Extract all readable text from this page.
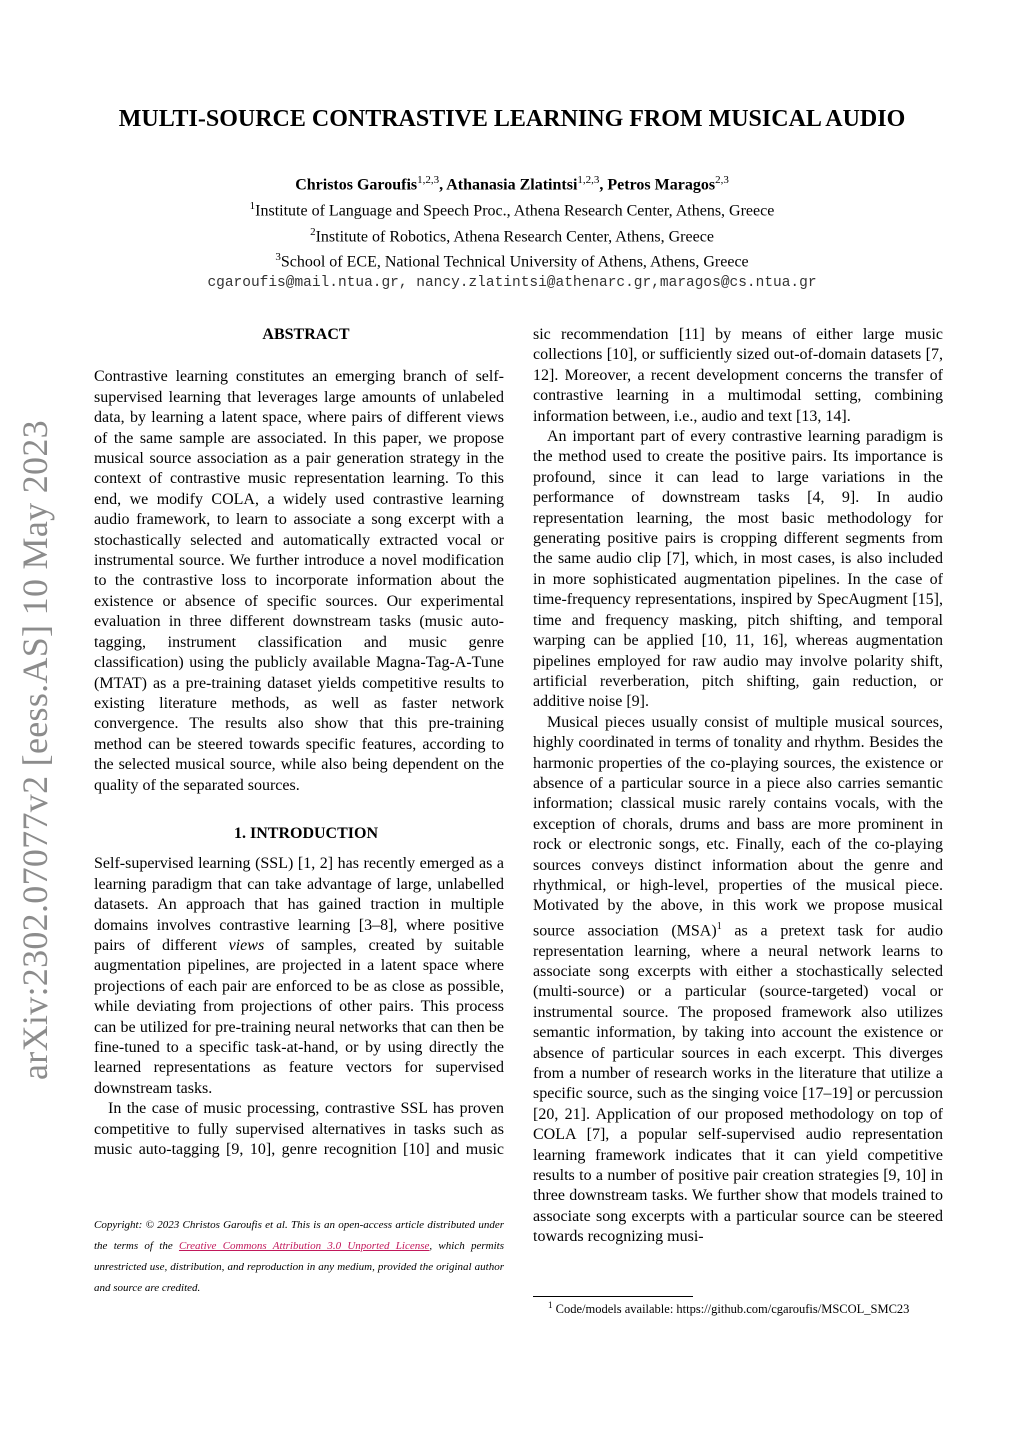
arXiv:2302.07077v2 [eess.AS] 10 May 2023
MULTI-SOURCE CONTRASTIVE LEARNING FROM MUSICAL AUDIO
Christos Garoufis$^{1,2,3}$, Athanasia Zlatintsi$^{1,2,3}$, Petros Maragos$^{2,3}$
$^1$Institute of Language and Speech Proc., Athena Research Center, Athens, Greece
$^2$Institute of Robotics, Athena Research Center, Athens, Greece
$^3$School of ECE, National Technical University of Athens, Athens, Greece
cgaroufis@mail.ntua.gr, nancy.zlatintsi@athenarc.gr,maragos@cs.ntua.gr

ABSTRACT

Contrastive learning constitutes an emerging branch of self-supervised learning that leverages large amounts of unlabeled data, by learning a latent space, where pairs of different views of the same sample are associated. In this paper, we propose musical source association as a pair generation strategy in the context of contrastive music representation learning. To this end, we modify COLA, a widely used contrastive learning audio framework, to learn to associate a song excerpt with a stochastically selected and automatically extracted vocal or instrumental source. We further introduce a novel modification to the contrastive loss to incorporate information about the existence or absence of specific sources. Our experimental evaluation in three different downstream tasks (music auto-tagging, instrument classification and music genre classification) using the publicly available Magna-Tag-A-Tune (MTAT) as a pre-training dataset yields competitive results to existing literature methods, as well as faster network convergence. The results also show that this pre-training method can be steered towards specific features, according to the selected musical source, while also being dependent on the quality of the separated sources.

1. INTRODUCTION

Self-supervised learning (SSL) [1, 2] has recently emerged as a learning paradigm that can take advantage of large, unlabelled datasets. An approach that has gained traction in multiple domains involves contrastive learning [3–8], where positive pairs of different views of samples, created by suitable augmentation pipelines, are projected in a latent space where projections of each pair are enforced to be as close as possible, while deviating from projections of other pairs. This process can be utilized for pre-training neural networks that can then be fine-tuned to a specific task-at-hand, or by using directly the learned representations as feature vectors for supervised downstream tasks.

In the case of music processing, contrastive SSL has proven competitive to fully supervised alternatives in tasks such as music auto-tagging [9, 10], genre recognition [10] and music

sic recommendation [11] by means of either large music collections [10], or sufficiently sized out-of-domain datasets [7, 12]. Moreover, a recent development concerns the transfer of contrastive learning in a multimodal setting, combining information between, i.e., audio and text [13, 14].

An important part of every contrastive learning paradigm is the method used to create the positive pairs. Its importance is profound, since it can lead to large variations in the performance of downstream tasks [4, 9]. In audio representation learning, the most basic methodology for generating positive pairs is cropping different segments from the same audio clip [7], which, in most cases, is also included in more sophisticated augmentation pipelines. In the case of time-frequency representations, inspired by SpecAugment [15], time and frequency masking, pitch shifting, and temporal warping can be applied [10, 11, 16], whereas augmentation pipelines employed for raw audio may involve polarity shift, artificial reverberation, pitch shifting, gain reduction, or additive noise [9].

Musical pieces usually consist of multiple musical sources, highly coordinated in terms of tonality and rhythm. Besides the harmonic properties of the co-playing sources, the existence or absence of a particular source in a piece also carries semantic information; classical music rarely contains vocals, with the exception of chorals, drums and bass are more prominent in rock or electronic songs, etc. Finally, each of the co-playing sources conveys distinct information about the genre and rhythmical, or high-level, properties of the musical piece. Motivated by the above, in this work we propose musical source association (MSA)$^1$ as a pretext task for audio representation learning, where a neural network learns to associate song excerpts with either a stochastically selected (multi-source) or a particular (source-targeted) vocal or instrumental source. The proposed framework also utilizes semantic information, by taking into account the existence or absence of particular sources in each excerpt. This diverges from a number of research works in the literature that utilize a specific source, such as the singing voice [17–19] or percussion [20, 21]. Application of our proposed methodology on top of COLA [7], a popular self-supervised audio representation learning framework indicates that it can yield competitive results to a number of positive pair creation strategies [9, 10] in three downstream tasks. We further show that models trained to associate song excerpts with a particular source can be steered towards recognizing musi-

Copyright: © 2023 Christos Garoufis et al. This is an open-access article distributed under the terms of the Creative Commons Attribution 3.0 Unported License, which permits unrestricted use, distribution, and reproduction in any medium, provided the original author and source are credited.
$^1$ Code/models available: https://github.com/cgaroufis/MSCOL_SMC23
